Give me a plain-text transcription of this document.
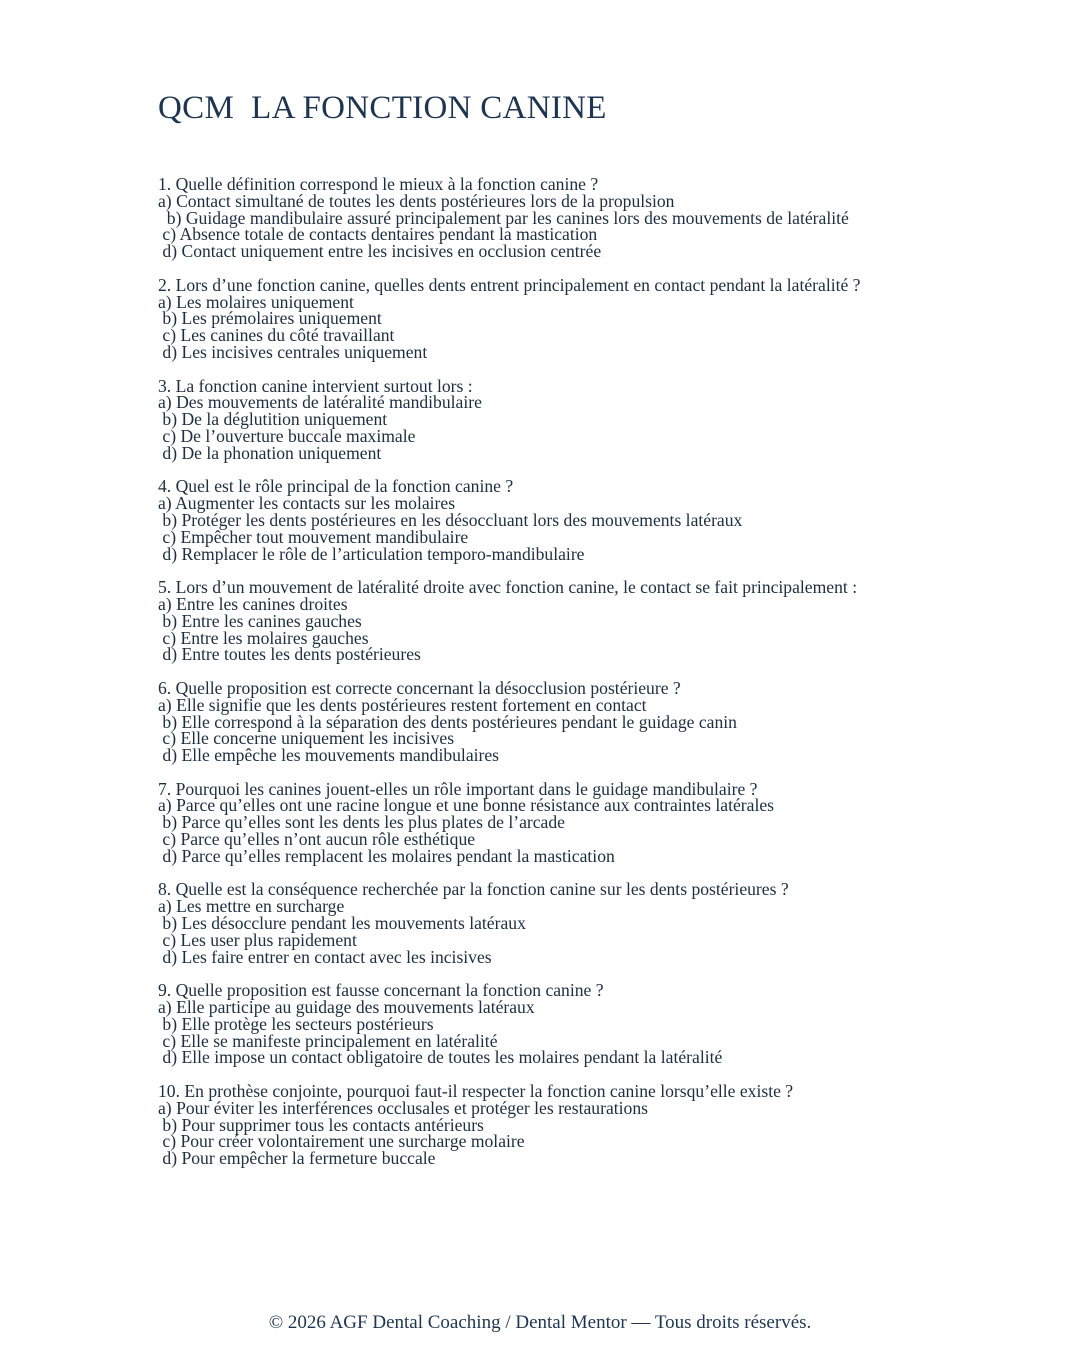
QCM  LA FONCTION CANINE
1. Quelle définition correspond le mieux à la fonction canine ?
a) Contact simultané de toutes les dents postérieures lors de la propulsion
b) Guidage mandibulaire assuré principalement par les canines lors des mouvements de latéralité
c) Absence totale de contacts dentaires pendant la mastication
d) Contact uniquement entre les incisives en occlusion centrée
2. Lors d’une fonction canine, quelles dents entrent principalement en contact pendant la latéralité ?
a) Les molaires uniquement
b) Les prémolaires uniquement
c) Les canines du côté travaillant
d) Les incisives centrales uniquement
3. La fonction canine intervient surtout lors :
a) Des mouvements de latéralité mandibulaire
b) De la déglutition uniquement
c) De l’ouverture buccale maximale
d) De la phonation uniquement
4. Quel est le rôle principal de la fonction canine ?
a) Augmenter les contacts sur les molaires
b) Protéger les dents postérieures en les désoccluant lors des mouvements latéraux
c) Empêcher tout mouvement mandibulaire
d) Remplacer le rôle de l’articulation temporo-mandibulaire
5. Lors d’un mouvement de latéralité droite avec fonction canine, le contact se fait principalement :
a) Entre les canines droites
b) Entre les canines gauches
c) Entre les molaires gauches
d) Entre toutes les dents postérieures
6. Quelle proposition est correcte concernant la désocclusion postérieure ?
a) Elle signifie que les dents postérieures restent fortement en contact
b) Elle correspond à la séparation des dents postérieures pendant le guidage canin
c) Elle concerne uniquement les incisives
d) Elle empêche les mouvements mandibulaires
7. Pourquoi les canines jouent-elles un rôle important dans le guidage mandibulaire ?
a) Parce qu’elles ont une racine longue et une bonne résistance aux contraintes latérales
b) Parce qu’elles sont les dents les plus plates de l’arcade
c) Parce qu’elles n’ont aucun rôle esthétique
d) Parce qu’elles remplacent les molaires pendant la mastication
8. Quelle est la conséquence recherchée par la fonction canine sur les dents postérieures ?
a) Les mettre en surcharge
b) Les désocclure pendant les mouvements latéraux
c) Les user plus rapidement
d) Les faire entrer en contact avec les incisives
9. Quelle proposition est fausse concernant la fonction canine ?
a) Elle participe au guidage des mouvements latéraux
b) Elle protège les secteurs postérieurs
c) Elle se manifeste principalement en latéralité
d) Elle impose un contact obligatoire de toutes les molaires pendant la latéralité
10. En prothèse conjointe, pourquoi faut-il respecter la fonction canine lorsqu’elle existe ?
a) Pour éviter les interférences occlusales et protéger les restaurations
b) Pour supprimer tous les contacts antérieurs
c) Pour créer volontairement une surcharge molaire
d) Pour empêcher la fermeture buccale
© 2026 AGF Dental Coaching / Dental Mentor — Tous droits réservés.
